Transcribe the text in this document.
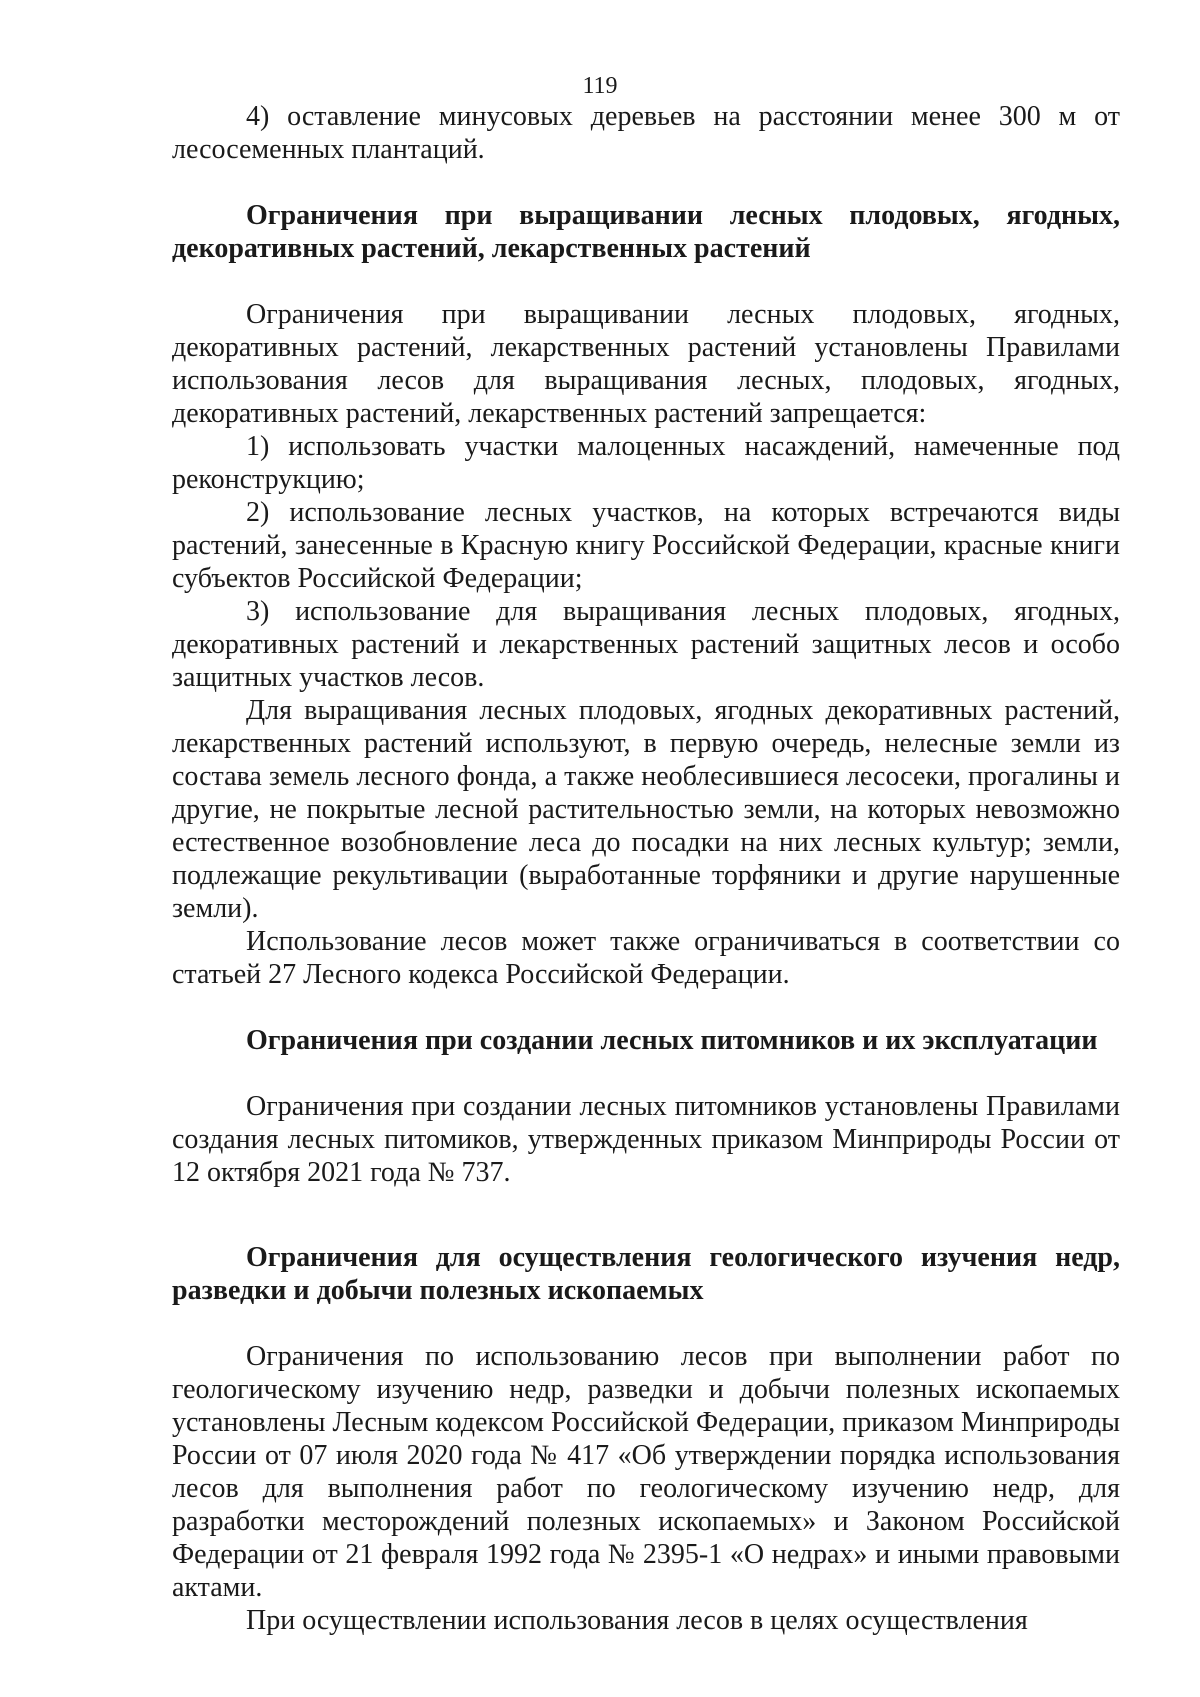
119

4) оставление минусовых деревьев на расстоянии менее 300 м от лесосеменных плантаций.

Ограничения при выращивании лесных плодовых, ягодных, декоративных растений, лекарственных растений

Ограничения при выращивании лесных плодовых, ягодных, декоративных растений, лекарственных растений установлены Правилами использования лесов для выращивания лесных, плодовых, ягодных, декоративных растений, лекарственных растений запрещается:

1) использовать участки малоценных насаждений, намеченные под реконструкцию;

2) использование лесных участков, на которых встречаются виды растений, занесенные в Красную книгу Российской Федерации, красные книги субъектов Российской Федерации;

3) использование для выращивания лесных плодовых, ягодных, декоративных растений и лекарственных растений защитных лесов и особо защитных участков лесов.

Для выращивания лесных плодовых, ягодных декоративных растений, лекарственных растений используют, в первую очередь, нелесные земли из состава земель лесного фонда, а также необлесившиеся лесосеки, прогалины и другие, не покрытые лесной растительностью земли, на которых невозможно естественное возобновление леса до посадки на них лесных культур; земли, подлежащие рекультивации (выработанные торфяники и другие нарушенные земли).

Использование лесов может также ограничиваться в соответствии со статьей 27 Лесного кодекса Российской Федерации.

Ограничения при создании лесных питомников и их эксплуатации

Ограничения при создании лесных питомников установлены Правилами создания лесных питомиков, утвержденных приказом Минприроды России от 12 октября 2021 года № 737.

Ограничения для осуществления геологического изучения недр, разведки и добычи полезных ископаемых

Ограничения по использованию лесов при выполнении работ по геологическому изучению недр, разведки и добычи полезных ископаемых установлены Лесным кодексом Российской Федерации, приказом Минприроды России от 07 июля 2020 года № 417 «Об утверждении порядка использования лесов для выполнения работ по геологическому изучению недр, для разработки месторождений полезных ископаемых» и Законом Российской Федерации от 21 февраля 1992 года № 2395-1 «О недрах» и иными правовыми актами.

При осуществлении использования лесов в целях осуществления
